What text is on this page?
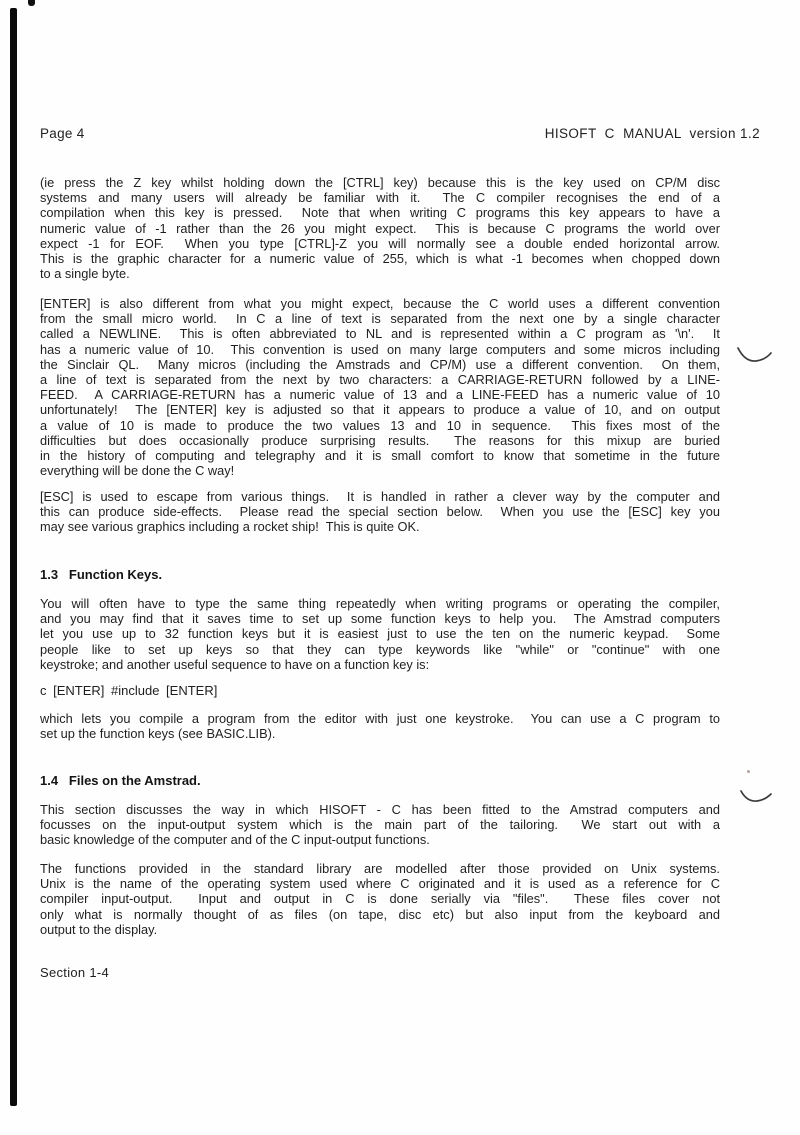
Page 4	HISOFT  C  MANUAL  version 1.2
(ie press the Z key whilst holding down the [CTRL] key) because this is the key used on CP/M disc
systems and many users will already be familiar with it.  The C compiler recognises the end of a
compilation when this key is pressed.  Note that when writing C programs this key appears to have a
numeric value of -1 rather than the 26 you might expect.  This is because C programs the world over
expect -1 for EOF.  When you type [CTRL]-Z you will normally see a double ended horizontal arrow.
This is the graphic character for a numeric value of 255, which is what -1 becomes when chopped down
to a single byte.
[ENTER] is also different from what you might expect, because the C world uses a different convention
from the small micro world.  In C a line of text is separated from the next one by a single character
called a NEWLINE.  This is often abbreviated to NL and is represented within a C program as '\n'.  It
has a numeric value of 10.  This convention is used on many large computers and some micros including
the Sinclair QL.  Many micros (including the Amstrads and CP/M) use a different convention.  On them,
a line of text is separated from the next by two characters: a CARRIAGE-RETURN followed by a LINE-
FEED.  A CARRIAGE-RETURN has a numeric value of 13 and a LINE-FEED has a numeric value of 10
unfortunately!  The [ENTER] key is adjusted so that it appears to produce a value of 10, and on output
a value of 10 is made to produce the two values 13 and 10 in sequence.  This fixes most of the
difficulties but does occasionally produce surprising results.  The reasons for this mixup are buried
in the history of computing and telegraphy and it is small comfort to know that sometime in the future
everything will be done the C way!
[ESC] is used to escape from various things.  It is handled in rather a clever way by the computer and
this can produce side-effects.  Please read the special section below.  When you use the [ESC] key you
may see various graphics including a rocket ship!  This is quite OK.
1.3   Function Keys.
You will often have to type the same thing repeatedly when writing programs or operating the compiler,
and you may find that it saves time to set up some function keys to help you.  The Amstrad computers
let you use up to 32 function keys but it is easiest just to use the ten on the numeric keypad.  Some
people like to set up keys so that they can type keywords like "while" or "continue" with one
keystroke; and another useful sequence to have on a function key is:
c [ENTER] #include [ENTER]
which lets you compile a program from the editor with just one keystroke.  You can use a C program to
set up the function keys (see BASIC.LIB).
1.4   Files on the Amstrad.
This section discusses the way in which HISOFT - C has been fitted to the Amstrad computers and
focusses on the input-output system which is the main part of the tailoring.  We start out with a
basic knowledge of the computer and of the C input-output functions.
The functions provided in the standard library are modelled after those provided on Unix systems.
Unix is the name of the operating system used where C originated and it is used as a reference for C
compiler input-output.  Input and output in C is done serially via "files".  These files cover not
only what is normally thought of as files (on tape, disc etc) but also input from the keyboard and
output to the display.
Section 1-4
